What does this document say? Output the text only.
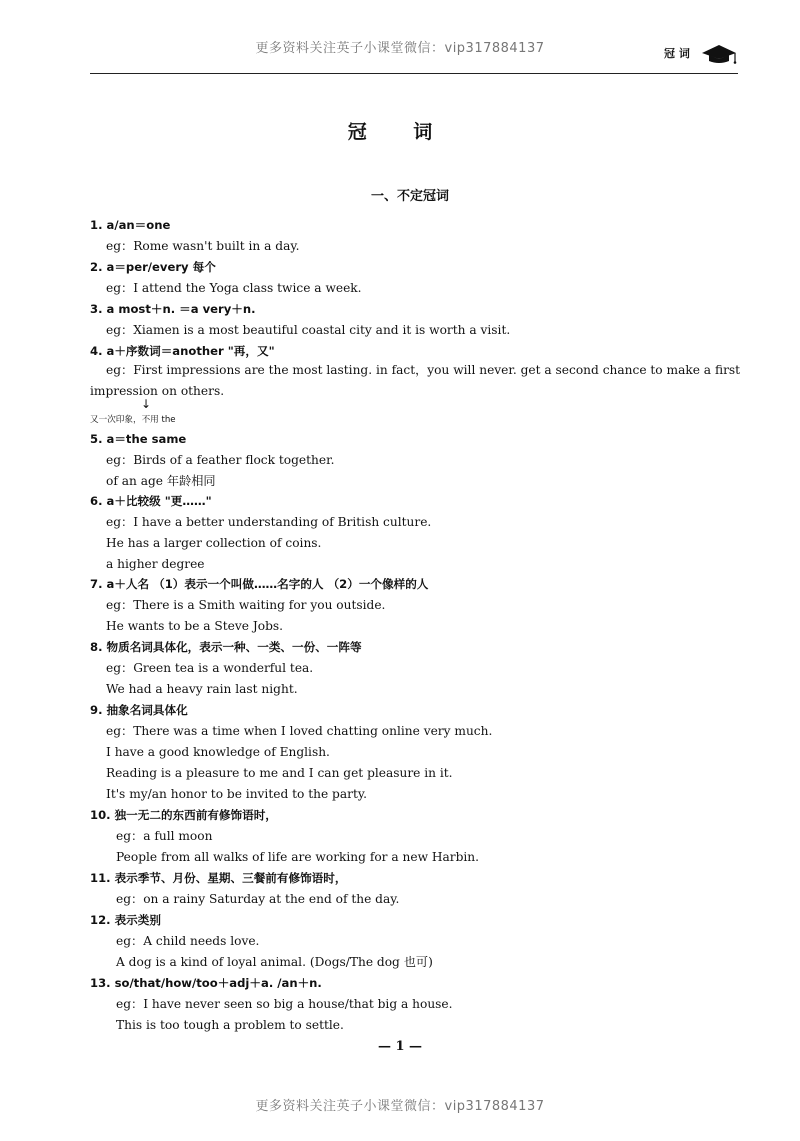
更多资料关注英子小课堂微信：vip317884137	冠 词
冠 词
一、不定冠词
1. a/an＝one
eg：Rome wasn't built in a day.
2. a＝per/every 每个
eg：I attend the Yoga class twice a week.
3. a most＋n. ＝a very＋n.
eg：Xiamen is a most beautiful coastal city and it is worth a visit.
4. a＋序数词＝another "再，又"
eg：First impressions are the most lasting. in fact，you will never. get a second chance to make a first
impression on others.
↓
又一次印象，不用 the
5. a＝the same
eg：Birds of a feather flock together.
of an age 年龄相同
6. a＋比较级 "更……"
eg：I have a better understanding of British culture.
He has a larger collection of coins.
a higher degree
7. a＋人名 （1）表示一个叫做……名字的人 （2）一个像样的人
eg：There is a Smith waiting for you outside.
He wants to be a Steve Jobs.
8. 物质名词具体化，表示一种、一类、一份、一阵等
eg：Green tea is a wonderful tea.
We had a heavy rain last night.
9. 抽象名词具体化
eg：There was a time when I loved chatting online very much.
I have a good knowledge of English.
Reading is a pleasure to me and I can get pleasure in it.
It's my/an honor to be invited to the party.
10. 独一无二的东西前有修饰语时，
eg：a full moon
People from all walks of life are working for a new Harbin.
11. 表示季节、月份、星期、三餐前有修饰语时，
eg：on a rainy Saturday at the end of the day.
12. 表示类别
eg：A child needs love.
A dog is a kind of loyal animal. (Dogs/The dog 也可)
13. so/that/how/too＋adj＋a. /an＋n.
eg：I have never seen so big a house/that big a house.
This is too tough a problem to settle.
— 1 —
更多资料关注英子小课堂微信：vip317884137
